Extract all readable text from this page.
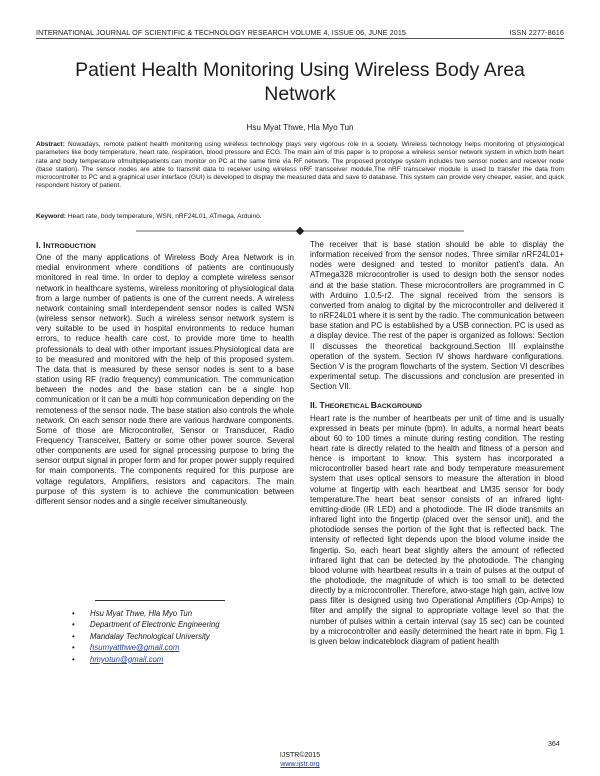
INTERNATIONAL JOURNAL OF SCIENTIFIC & TECHNOLOGY RESEARCH VOLUME 4, ISSUE 06, JUNE 2015	ISSN 2277-8616
Patient Health Monitoring Using Wireless Body Area Network
Hsu Myat Thwe, Hla Myo Tun
Abstract: Nowadays, remote patient health monitoring using wireless technology plays very vigorous role in a society. Wireless technology helps monitoring of physiological parameters like body temperature, heart rate, respiration, blood pressure and ECG. The main aim of this paper is to propose a wireless sensor network system in which both heart rate and body temperature ofmultiplepatients can monitor on PC at the same time via RF network. The proposed prototype system includes two sensor nodes and receiver node (base station). The sensor nodes are able to transmit data to receiver using wireless nRF transceiver module.The nRF transceiver module is used to transfer the data from microcontroller to PC and a graphical user interface (GUI) is developed to display the measured data and save to database. This system can provide very cheaper, easier, and quick respondent history of patient.
Keyword: Heart rate, body temperature, WSN, nRF24L01, ATmega, Arduino.
I. INTRODUCTION

One of the many applications of Wireless Body Area Network is in medial environment where conditions of patients are continuously monitored in real time. In order to deploy a complete wireless sensor network in healthcare systems, wireless monitoring of physiological data from a large number of patients is one of the current needs. A wireless network containing small interdependent sensor nodes is called WSN (wireless sensor network). Such a wireless sensor network system is very suitable to be used in hospital environments to reduce human errors, to reduce health care cost, to provide more time to health professionals to deal with other important issues.Physiological data are to be measured and monitored with the help of this proposed system. The data that is measured by these sensor nodes is sent to a base station using RF (radio frequency) communication. The communication between the nodes and the base station can be a single hop communication or it can be a multi hop communication depending on the remoteness of the sensor node. The base station also controls the whole network. On each sensor node there are various hardware components. Some of those are Microcontroller, Sensor or Transducer, Radio Frequency Transceiver, Battery or some other power source. Several other components are used for signal processing purpose to bring the sensor output signal in proper form and for proper power supply required for main components. The components required for this purpose are voltage regulators, Amplifiers, resistors and capacitors. The main purpose of this system is to achieve the communication between different sensor nodes and a single receiver simultaneously.

The receiver that is base station should be able to display the information received from the sensor nodes. Three similar nRF24L01+ nodes were designed and tested to monitor patient's data. An ATmega328 microcontroller is used to design both the sensor nodes and at the base station. These microcontrollers are programmed in C with Arduino 1.0.5-r2. The signal received from the sensors is converted from analog to digital by the microcontroller and delivered it to nRF24L01 where it is sent by the radio. The communication between base station and PC is established by a USB connection. PC is used as a display device. The rest of the paper is organized as follows: Section II discusses the theoretical background.Section III explainsthe operation of the system. Section IV shows hardware configurations. Section V is the program flowcharts of the system. Section VI describes experimental setup. The discussions and conclusion are presented in Section VII.

II. THEORETICAL BACKGROUND

Heart rate is the number of heartbeats per unit of time and is usually expressed in beats per minute (bpm). In adults, a normal heart beats about 60 to 100 times a minute during resting condition. The resting heart rate is directly related to the health and fitness of a person and hence is important to know. This system has incorporated a microcontroller based heart rate and body temperature measurement system that uses optical sensors to measure the alteration in blood volume at fingertip with each heartbeat and LM35 sensor for body temperature.The heart beat sensor consists of an infrared light-emitting-diode (IR LED) and a photodiode. The IR diode transmits an infrared light into the fingertip (placed over the sensor unit), and the photodiode senses the portion of the light that is reflected back. The intensity of reflected light depends upon the blood volume inside the fingertip. So, each heart beat slightly alters the amount of reflected infrared light that can be detected by the photodiode. The changing blood volume with heartbeat results in a train of pulses at the output of the photodiode, the magnitude of which is too small to be detected directly by a microcontroller. Therefore, atwo-stage high gain, active low pass filter is designed using two Operational Amplifiers (Op-Amps) to filter and amplify the signal to appropriate voltage level so that the number of pulses within a certain interval (say 15 sec) can be counted by a microcontroller and easily determined the heart rate in bpm. Fig 1 is given below indicateblock diagram of patient health

• Hsu Myat Thwe, Hla Myo Tun
• Department of Electronic Engineering
• Mandalay Technological University
• hsumyatthwe@gmail.com
• hmyotun@gmail.com
364
IJSTR©2015
www.ijstr.org
